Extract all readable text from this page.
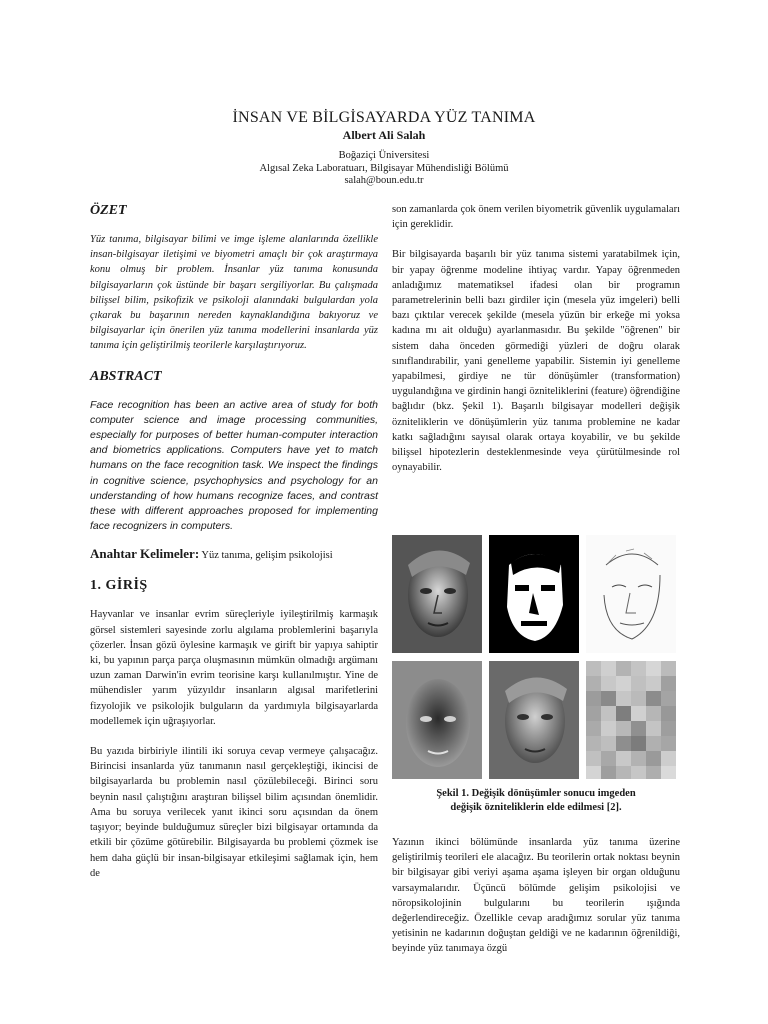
İNSAN VE BİLGİSAYARDA YÜZ TANIMA

Albert Ali Salah

Boğaziçi Üniversitesi

Algısal Zeka Laboratuarı, Bilgisayar Mühendisliği Bölümü

salah@boun.edu.tr

ÖZET

Yüz tanıma, bilgisayar bilimi ve imge işleme alanlarında özellikle insan-bilgisayar iletişimi ve biyometri amaçlı bir çok araştırmaya konu olmuş bir problem. İnsanlar yüz tanıma konusunda bilgisayarların çok üstünde bir başarı sergiliyorlar. Bu çalışmada bilişsel bilim, psikofizik ve psikoloji alanındaki bulgulardan yola çıkarak bu başarının nereden kaynaklandığına bakıyoruz ve bilgisayarlar için önerilen yüz tanıma modellerini insanlarda yüz tanıma için geliştirilmiş teorilerle karşılaştırıyoruz.

ABSTRACT

Face recognition has been an active area of study for both computer science and image processing communities, especially for purposes of better human-computer interaction and biometrics applications. Computers have yet to match humans on the face recognition task. We inspect the findings in cognitive science, psychophysics and psychology for an understanding of how humans recognize faces, and contrast these with different approaches proposed for implementing face recognizers in computers.

Anahtar Kelimeler: Yüz tanıma, gelişim psikolojisi

1. GİRİŞ

Hayvanlar ve insanlar evrim süreçleriyle iyileştirilmiş karmaşık görsel sistemleri sayesinde zorlu algılama problemlerini başarıyla çözerler. İnsan gözü öylesine karmaşık ve girift bir yapıya sahiptir ki, bu yapının parça parça oluşmasının mümkün olmadığı argümanı uzun zaman Darwin'in evrim teorisine karşı kullanılmıştır. Yine de mühendisler yarım yüzyıldır insanların algısal marifetlerini fizyolojik ve psikolojik bulguların da yardımıyla bilgisayarlarda modellemek için uğraşıyorlar.

Bu yazıda birbiriyle ilintili iki soruya cevap vermeye çalışacağız. Birincisi insanlarda yüz tanımanın nasıl gerçekleştiği, ikincisi de bilgisayarlarda bu problemin nasıl çözülebileceği. Birinci soru beynin nasıl çalıştığını araştıran bilişsel bilim açısından önemlidir. Ama bu soruya verilecek yanıt ikinci soru açısından da önem taşıyor; beyinde bulduğumuz süreçler bizi bilgisayar ortamında da etkili bir çözüme götürebilir. Bilgisayarda bu problemi çözmek ise hem daha güçlü bir insan-bilgisayar etkileşimi sağlamak için, hem de

son zamanlarda çok önem verilen biyometrik güvenlik uygulamaları için gereklidir.

Bir bilgisayarda başarılı bir yüz tanıma sistemi yaratabilmek için, bir yapay öğrenme modeline ihtiyaç vardır. Yapay öğrenmeden anladığımız matematiksel ifadesi olan bir programın parametrelerinin belli bazı girdiler için (mesela yüz imgeleri) belli bazı çıktılar verecek şekilde (mesela yüzün bir erkeğe mi yoksa kadına mı ait olduğu) ayarlanmasıdır. Bu şekilde "öğrenen" bir sistem daha önceden görmediği yüzleri de doğru olarak sınıflandırabilir, yani genelleme yapabilir. Sistemin iyi genelleme yapabilmesi, girdiye ne tür dönüşümler (transformation) uygulandığına ve girdinin hangi özniteliklerini (feature) öğrendiğine bağlıdır (bkz. Şekil 1). Başarılı bilgisayar modelleri değişik özniteliklerin ve dönüşümlerin yüz tanıma problemine ne kadar katkı sağladığını sayısal olarak ortaya koyabilir, ve bu şekilde bilişsel hipotezlerin desteklenmesinde veya çürütülmesinde rol oynayabilir.

Şekil 1. Değişik dönüşümler sonucu imgeden
değişik özniteliklerin elde edilmesi [2].

Yazının ikinci bölümünde insanlarda yüz tanıma üzerine geliştirilmiş teorileri ele alacağız. Bu teorilerin ortak noktası beynin bir bilgisayar gibi veriyi aşama aşama işleyen bir organ olduğunu varsaymalarıdır. Üçüncü bölümde gelişim psikolojisi ve nöropsikolojinin bulgularını bu teorilerin ışığında değerlendireceğiz. Özellikle cevap aradığımız sorular yüz tanıma yetisinin ne kadarının doğuştan geldiği ve ne kadarının öğrenildiği, beyinde yüz tanımaya özgü
